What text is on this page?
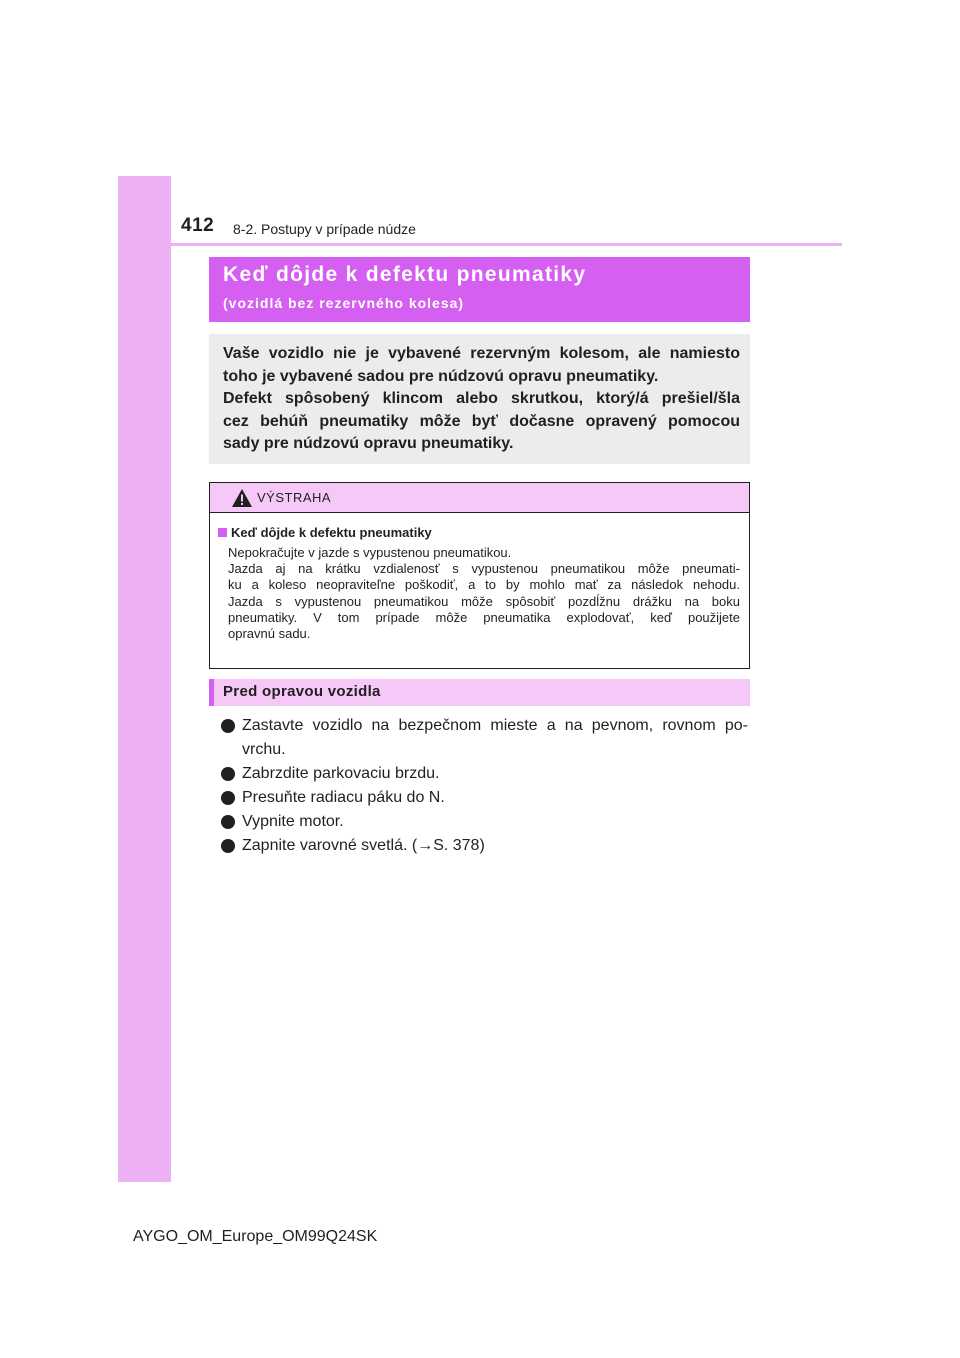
412 8-2. Postupy v prípade núdze
Keď dôjde k defektu pneumatiky
(vozidlá bez rezervného kolesa)

Vaše vozidlo nie je vybavené rezervným kolesom, ale namiesto

toho je vybavené sadou pre núdzovú opravu pneumatiky.

Defekt spôsobený klincom alebo skrutkou, ktorý/á prešiel/šla

cez behúň pneumatiky môže byť dočasne opravený pomocou

sady pre núdzovú opravu pneumatiky.

VÝSTRAHA
Keď dôjde k defektu pneumatiky
Nepokračujte v jazde s vypustenou pneumatikou.
Jazda aj na krátku vzdialenosť s vypustenou pneumatikou môže pneumati-
ku a koleso neopraviteľne poškodiť, a to by mohlo mať za následok nehodu.
Jazda s vypustenou pneumatikou môže spôsobiť pozdĺžnu drážku na boku
pneumatiky. V tom prípade môže pneumatika explodovať, keď použijete
opravnú sadu.
Pred opravou vozidla
Zastavte vozidlo na bezpečnom mieste a na pevnom, rovnom po-
vrchu.
Zabrzdite parkovaciu brzdu.
Presuňte radiacu páku do N.
Vypnite motor.
Zapnite varovné svetlá. (→S. 378)
AYGO_OM_Europe_OM99Q24SK
